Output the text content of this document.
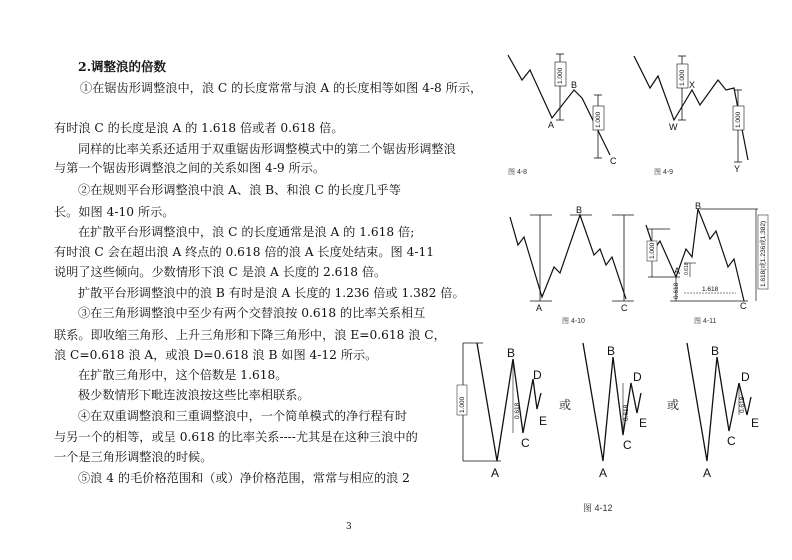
2.调整浪的倍数
①在锯齿形调整浪中，浪 C 的长度常常与浪 A 的长度相等如图 4-8 所示，
有时浪 C 的长度是浪 A 的 1.618 倍或者 0.618 倍。
同样的比率关系还适用于双重锯齿形调整模式中的第二个锯齿形调整浪
与第一个锯齿形调整浪之间的关系如图 4-9 所示。
②在规则平台形调整浪中浪 A、浪 B、和浪 C 的长度几乎等
长。如图 4-10 所示。
在扩散平台形调整浪中，浪 C 的长度通常是浪 A 的 1.618 倍;
有时浪 C 会在超出浪 A 终点的 0.618 倍的浪 A 长度处结束。图 4-11
说明了这些倾向。少数情形下浪 C 是浪 A 长度的 2.618 倍。
扩散平台形调整浪中的浪 B 有时是浪 A 长度的 1.236 倍或 1.382 倍。
③在三角形调整浪中至少有两个交替浪按 0.618 的比率关系相互
联系。即收缩三角形、上升三角形和下降三角形中，浪 E=0.618 浪 C，
浪 C=0.618 浪 A，或浪 D=0.618 浪 B 如图 4-12 所示。
在扩散三角形中，这个倍数是 1.618。
极少数情形下毗连波浪按这些比率相联系。
④在双重调整浪和三重调整浪中，一个简单模式的净行程有时
与另一个的相等，或呈 0.618 的比率关系----尤其是在这种三浪中的
一个是三角形调整浪的时候。
⑤浪 4 的毛价格范围和（或）净价格范围，常常与相应的浪 2
3
1.000
1.000
A
B
C
图 4-8
1.000
1.000
W
X
Y
图 4-9
A
B
C
图 4-10
1.000
0.618	1.618
1.618(或1.236或1.382)
0.618
B
A
C
图 4-11
1.000	0.618
A
B
C
D
E
或	0.618
A
B
C
D
E
或	0.618
A
B
C
D
E
图 4-12
